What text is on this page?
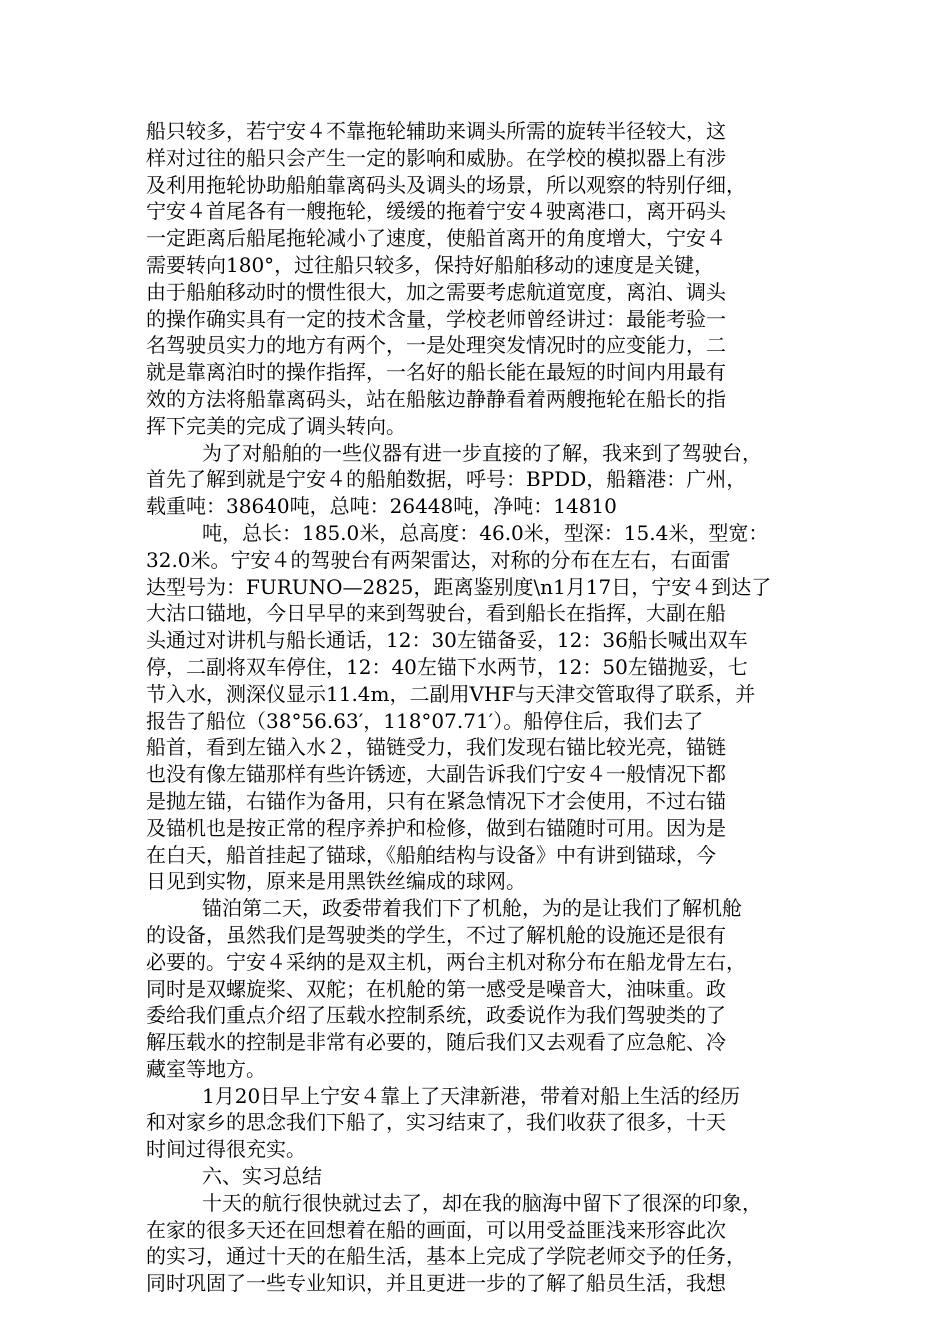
船只较多，若宁安４不靠拖轮辅助来调头所需的旋转半径较大，这
样对过往的船只会产生一定的影响和威胁。在学校的模拟器上有涉
及利用拖轮协助船舶靠离码头及调头的场景，所以观察的特别仔细，
宁安４首尾各有一艘拖轮，缓缓的拖着宁安４驶离港口，离开码头
一定距离后船尾拖轮减小了速度，使船首离开的角度增大，宁安４
需要转向180°，过往船只较多，保持好船舶移动的速度是关键，
由于船舶移动时的惯性很大，加之需要考虑航道宽度，离泊、调头
的操作确实具有一定的技术含量，学校老师曾经讲过：最能考验一
名驾驶员实力的地方有两个，一是处理突发情况时的应变能力，二
就是靠离泊时的操作指挥，一名好的船长能在最短的时间内用最有
效的方法将船靠离码头，站在船舷边静静看着两艘拖轮在船长的指
挥下完美的完成了调头转向。
为了对船舶的一些仪器有进一步直接的了解，我来到了驾驶台，
首先了解到就是宁安４的船舶数据，呼号：BPDD，船籍港：广州，
载重吨：38640吨，总吨：26448吨，净吨：14810
吨，总长：185.0米，总高度：46.0米，型深：15.4米，型宽：
32.0米。宁安４的驾驶台有两架雷达，对称的分布在左右，右面雷
达型号为：FURUNO—2825，距离鉴别度\n1月17日，宁安４到达了
大沽口锚地，今日早早的来到驾驶台，看到船长在指挥，大副在船
头通过对讲机与船长通话，12：30左锚备妥，12：36船长喊出双车
停，二副将双车停住，12：40左锚下水两节，12：50左锚抛妥，七
节入水，测深仪显示11.4m，二副用VHF与天津交管取得了联系，并
报告了船位（38°56.63′，118°07.71′）。船停住后，我们去了
船首，看到左锚入水２，锚链受力，我们发现右锚比较光亮，锚链
也没有像左锚那样有些许锈迹，大副告诉我们宁安４一般情况下都
是抛左锚，右锚作为备用，只有在紧急情况下才会使用，不过右锚
及锚机也是按正常的程序养护和检修，做到右锚随时可用。因为是
在白天，船首挂起了锚球，《船舶结构与设备》中有讲到锚球，今
日见到实物，原来是用黑铁丝编成的球网。
锚泊第二天，政委带着我们下了机舱，为的是让我们了解机舱
的设备，虽然我们是驾驶类的学生，不过了解机舱的设施还是很有
必要的。宁安４采纳的是双主机，两台主机对称分布在船龙骨左右，
同时是双螺旋桨、双舵；在机舱的第一感受是噪音大，油味重。政
委给我们重点介绍了压载水控制系统，政委说作为我们驾驶类的了
解压载水的控制是非常有必要的，随后我们又去观看了应急舵、冷
藏室等地方。
1月20日早上宁安４靠上了天津新港，带着对船上生活的经历
和对家乡的思念我们下船了，实习结束了，我们收获了很多，十天
时间过得很充实。
六、实习总结
十天的航行很快就过去了，却在我的脑海中留下了很深的印象，
在家的很多天还在回想着在船的画面，可以用受益匪浅来形容此次
的实习，通过十天的在船生活，基本上完成了学院老师交予的任务，
同时巩固了一些专业知识，并且更进一步的了解了船员生活，我想
